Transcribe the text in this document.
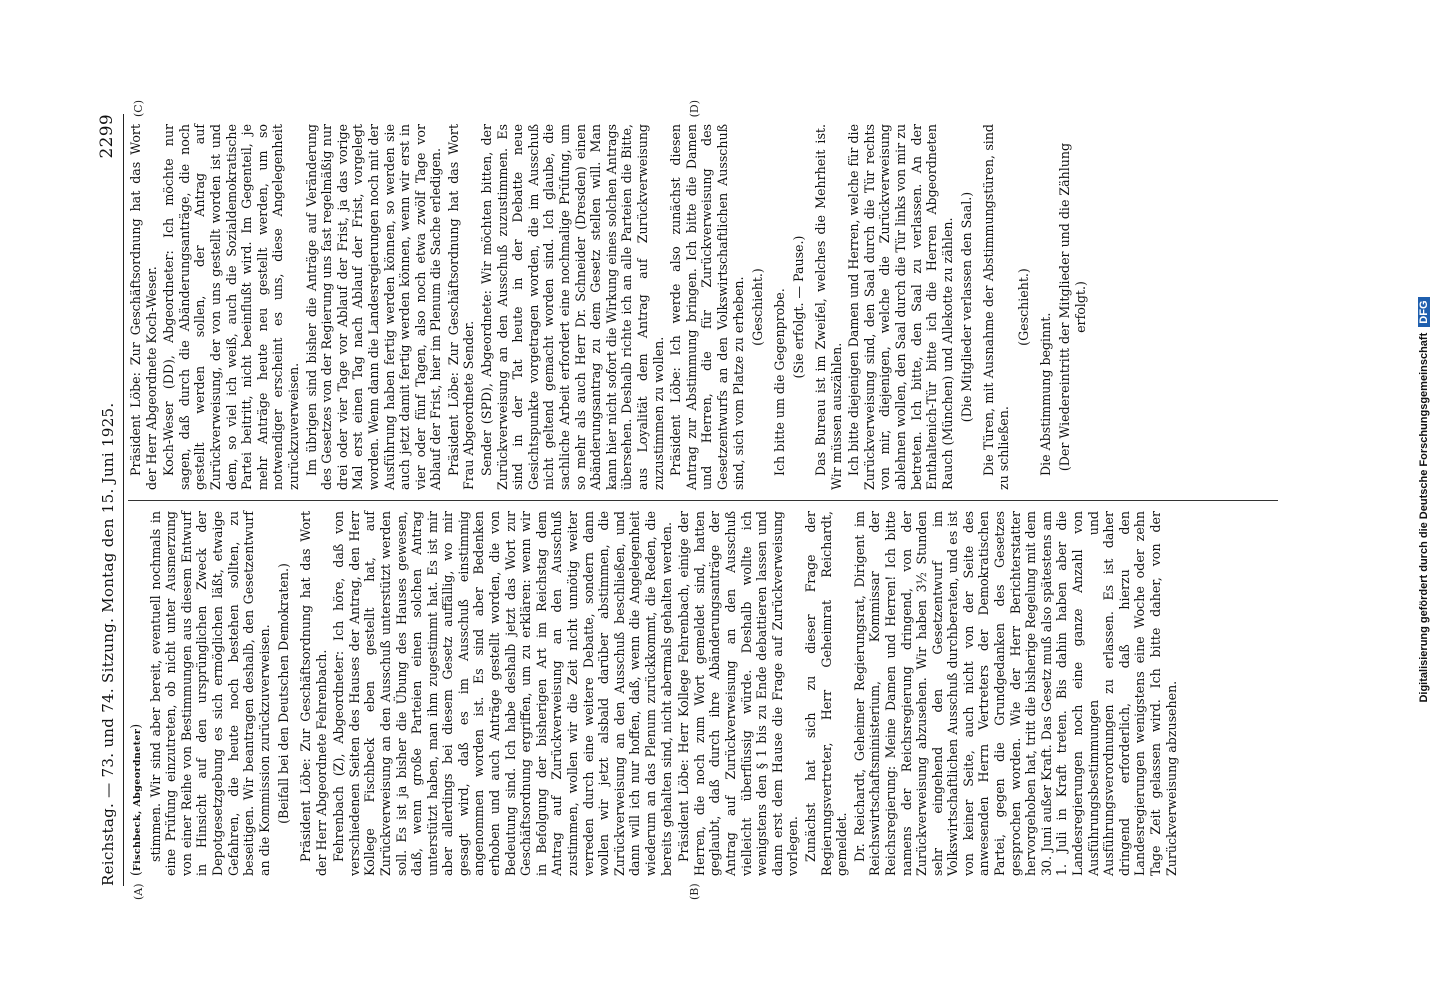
Reichstag. — 73. und 74. Sitzung. Montag den 15. Juni 1925.
2299
(A)	(B)
(C)	(D)

(Fischbeck, Abgeordneter) stimmen. Wir sind aber bereit, eventuell nochmals in eine Prüfung einzutreten, ob nicht unter Ausmerzung von einer Reihe von Bestimmungen aus diesem Entwurf in Hinsicht auf den ursprünglichen Zweck der Depotgesetzgebung es sich ermöglichen läßt, etwaige Gefahren, die heute noch bestehen sollten, zu beseitigen. Wir beantragen deshalb, den Gesetzentwurf an die Kommission zurückzuverweisen. (Beifall bei den Deutschen Demokraten.) Präsident Löbe: Zur Geschäftsordnung hat das Wort der Herr Abgeordnete Fehrenbach. Fehrenbach (Z), Abgeordneter: Ich höre, daß von verschiedenen Seiten des Hauses der Antrag, den Herr Kollege Fischbeck eben gestellt hat, auf Zurückverweisung an den Ausschuß unterstützt werden soll. Es ist ja bisher die Übung des Hauses gewesen, daß, wenn große Parteien einen solchen Antrag unterstützt haben, man ihm zugestimmt hat. Es ist mir aber allerdings bei diesem Gesetz auffällig, wo mir gesagt wird, daß es im Ausschuß einstimmig angenommen worden ist. Es sind aber Bedenken erhoben und auch Anträge gestellt worden, die von Bedeutung sind. Ich habe deshalb jetzt das Wort zur Geschäftsordnung ergriffen, um zu erklären: wenn wir in Befolgung der bisherigen Art im Reichstag dem Antrag auf Zurückverweisung an den Ausschuß zustimmen, wollen wir die Zeit nicht unnötig weiter verreden durch eine weitere Debatte, sondern dann wollen wir jetzt alsbald darüber abstimmen, die Zurückverweisung an den Ausschuß beschließen, und dann will ich nur hoffen, daß, wenn die Angelegenheit wiederum an das Plenum zurückkommt, die Reden, die bereits gehalten sind, nicht abermals gehalten werden. Präsident Löbe: Herr Kollege Fehrenbach, einige der Herren, die noch zum Wort gemeldet sind, hatten geglaubt, daß durch ihre Abänderungsanträge der Antrag auf Zurückverweisung an den Ausschuß vielleicht überflüssig würde. Deshalb wollte ich wenigstens den § 1 bis zu Ende debattieren lassen und dann erst dem Hause die Frage auf Zurückverweisung vorlegen. Zunächst hat sich zu dieser Frage der Regierungsvertreter, Herr Geheimrat Reichardt, gemeldet. Dr. Reichardt, Geheimer Regierungsrat, Dirigent im Reichswirtschaftsministerium, Kommissar der Reichsregierung: Meine Damen und Herren! Ich bitte namens der Reichsregierung dringend, von der Zurückverweisung abzusehen. Wir haben 3½ Stunden sehr eingehend den Gesetzentwurf im Volkswirtschaftlichen Ausschuß durchberaten, und es ist von keiner Seite, auch nicht von der Seite des anwesenden Herrn Vertreters der Demokratischen Partei, gegen die Grundgedanken des Gesetzes gesprochen worden. Wie der Herr Berichterstatter hervorgehoben hat, tritt die bisherige Regelung mit dem 30. Juni außer Kraft. Das Gesetz muß also spätestens am 1. Juli in Kraft treten. Bis dahin haben aber die Landesregierungen noch eine ganze Anzahl von Ausführungsbestimmungen und Ausführungsverordnungen zu erlassen. Es ist daher dringend erforderlich, daß hierzu den Landesregierungen wenigstens eine Woche oder zehn Tage Zeit gelassen wird. Ich bitte daher, von der Zurückverweisung abzusehen.

Präsident Löbe: Zur Geschäftsordnung hat das Wort der Herr Abgeordnete Koch-Weser. Koch-Weser (DD), Abgeordneter: Ich möchte nur sagen, daß durch die Abänderungsanträge, die noch gestellt werden sollen, der Antrag auf Zurückverweisung, der von uns gestellt worden ist und dem, so viel ich weiß, auch die Sozialdemokratische Partei beitritt, nicht beeinflußt wird. Im Gegenteil, je mehr Anträge heute neu gestellt werden, um so notwendiger erscheint es uns, diese Angelegenheit zurückzuverweisen. Im übrigen sind bisher die Anträge auf Veränderung des Gesetzes von der Regierung uns fast regelmäßig nur drei oder vier Tage vor Ablauf der Frist, ja das vorige Mal erst einen Tag nach Ablauf der Frist, vorgelegt worden. Wenn dann die Landesregierungen noch mit der Ausführung haben fertig werden können, so werden sie auch jetzt damit fertig werden können, wenn wir erst in vier oder fünf Tagen, also noch etwa zwölf Tage vor Ablauf der Frist, hier im Plenum die Sache erledigen. Präsident Löbe: Zur Geschäftsordnung hat das Wort Frau Abgeordnete Sender. Sender (SPD), Abgeordnete: Wir möchten bitten, der Zurückverweisung an den Ausschuß zuzustimmen. Es sind in der Tat heute in der Debatte neue Gesichtspunkte vorgetragen worden, die im Ausschuß nicht geltend gemacht worden sind. Ich glaube, die sachliche Arbeit erfordert eine nochmalige Prüfung, um so mehr als auch Herr Dr. Schneider (Dresden) einen Abänderungsantrag zu dem Gesetz stellen will. Man kann hier nicht sofort die Wirkung eines solchen Antrags übersehen. Deshalb richte ich an alle Parteien die Bitte, aus Loyalität dem Antrag auf Zurückverweisung zuzustimmen zu wollen. Präsident Löbe: Ich werde also zunächst diesen Antrag zur Abstimmung bringen. Ich bitte die Damen und Herren, die für Zurückverweisung des Gesetzentwurfs an den Volkswirtschaftlichen Ausschuß sind, sich vom Platze zu erheben. (Geschieht.) Ich bitte um die Gegenprobe. (Sie erfolgt. — Pause.) Das Bureau ist im Zweifel, welches die Mehrheit ist. Wir müssen auszählen. Ich bitte diejenigen Damen und Herren, welche für die Zurückverweisung sind, den Saal durch die Tür rechts von mir, diejenigen, welche die Zurückverweisung ablehnen wollen, den Saal durch die Tür links von mir zu betreten. Ich bitte, den Saal zu verlassen. An der Enthaltenich-Tür bitte ich die Herren Abgeordneten Rauch (München) und Allekotte zu zählen. (Die Mitglieder verlassen den Saal.) Die Türen, mit Ausnahme der Abstimmungstüren, sind zu schließen.

(Geschieht.)

Die Abstimmung beginnt. (Der Wiedereintritt der Mitglieder und die Zählung erfolgt.)

Digitalisierung gefördert durch die Deutsche Forschungsgemeinschaft DFG
